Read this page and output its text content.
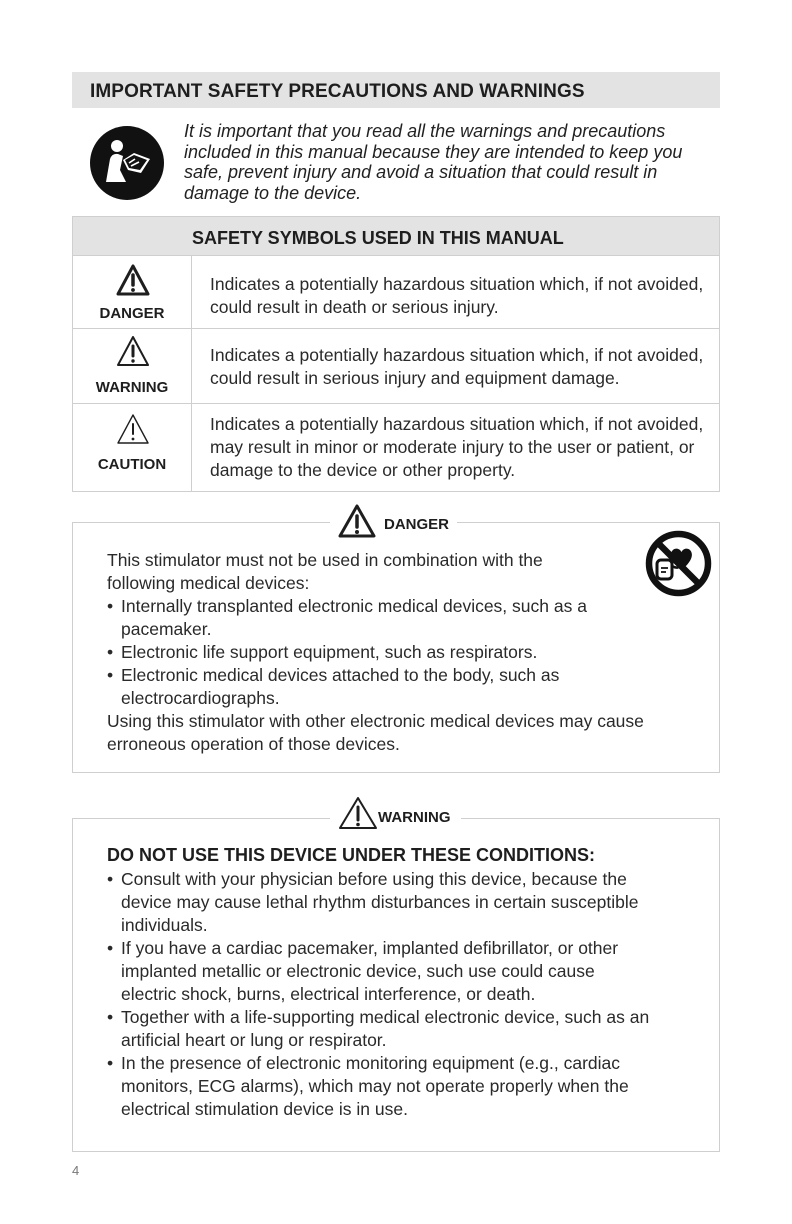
IMPORTANT SAFETY PRECAUTIONS AND WARNINGS
It is important that you read all the warnings and precautions included in this manual because they are intended to keep you safe, prevent injury and avoid a situation that could result in damage to the device.
SAFETY SYMBOLS USED IN THIS MANUAL
DANGER
Indicates a potentially hazardous situation which, if not avoided, could result in death or serious injury.
WARNING
Indicates a potentially hazardous situation which, if not avoided, could result in serious injury and equipment damage.
CAUTION
Indicates a potentially hazardous situation which, if not avoided, may result in minor or moderate injury to the user or patient, or damage to the device or other property.
DANGER

This stimulator must not be used in combination with the following medical devices:

• Internally transplanted electronic medical devices, such as a pacemaker.
• Electronic life support equipment, such as respirators.
• Electronic medical devices attached to the body, such as electrocardiographs.

Using this stimulator with other electronic medical devices may cause erroneous operation of those devices.

WARNING
DO NOT USE THIS DEVICE UNDER THESE CONDITIONS:
• Consult with your physician before using this device, because the device may cause lethal rhythm disturbances in certain susceptible individuals.
• If you have a cardiac pacemaker, implanted defibrillator, or other implanted metallic or electronic device, such use could cause electric shock, burns, electrical interference, or death.
• Together with a life-supporting medical electronic device, such as an artificial heart or lung or respirator.
• In the presence of electronic monitoring equipment (e.g., cardiac monitors, ECG alarms), which may not operate properly when the electrical stimulation device is in use.
4
